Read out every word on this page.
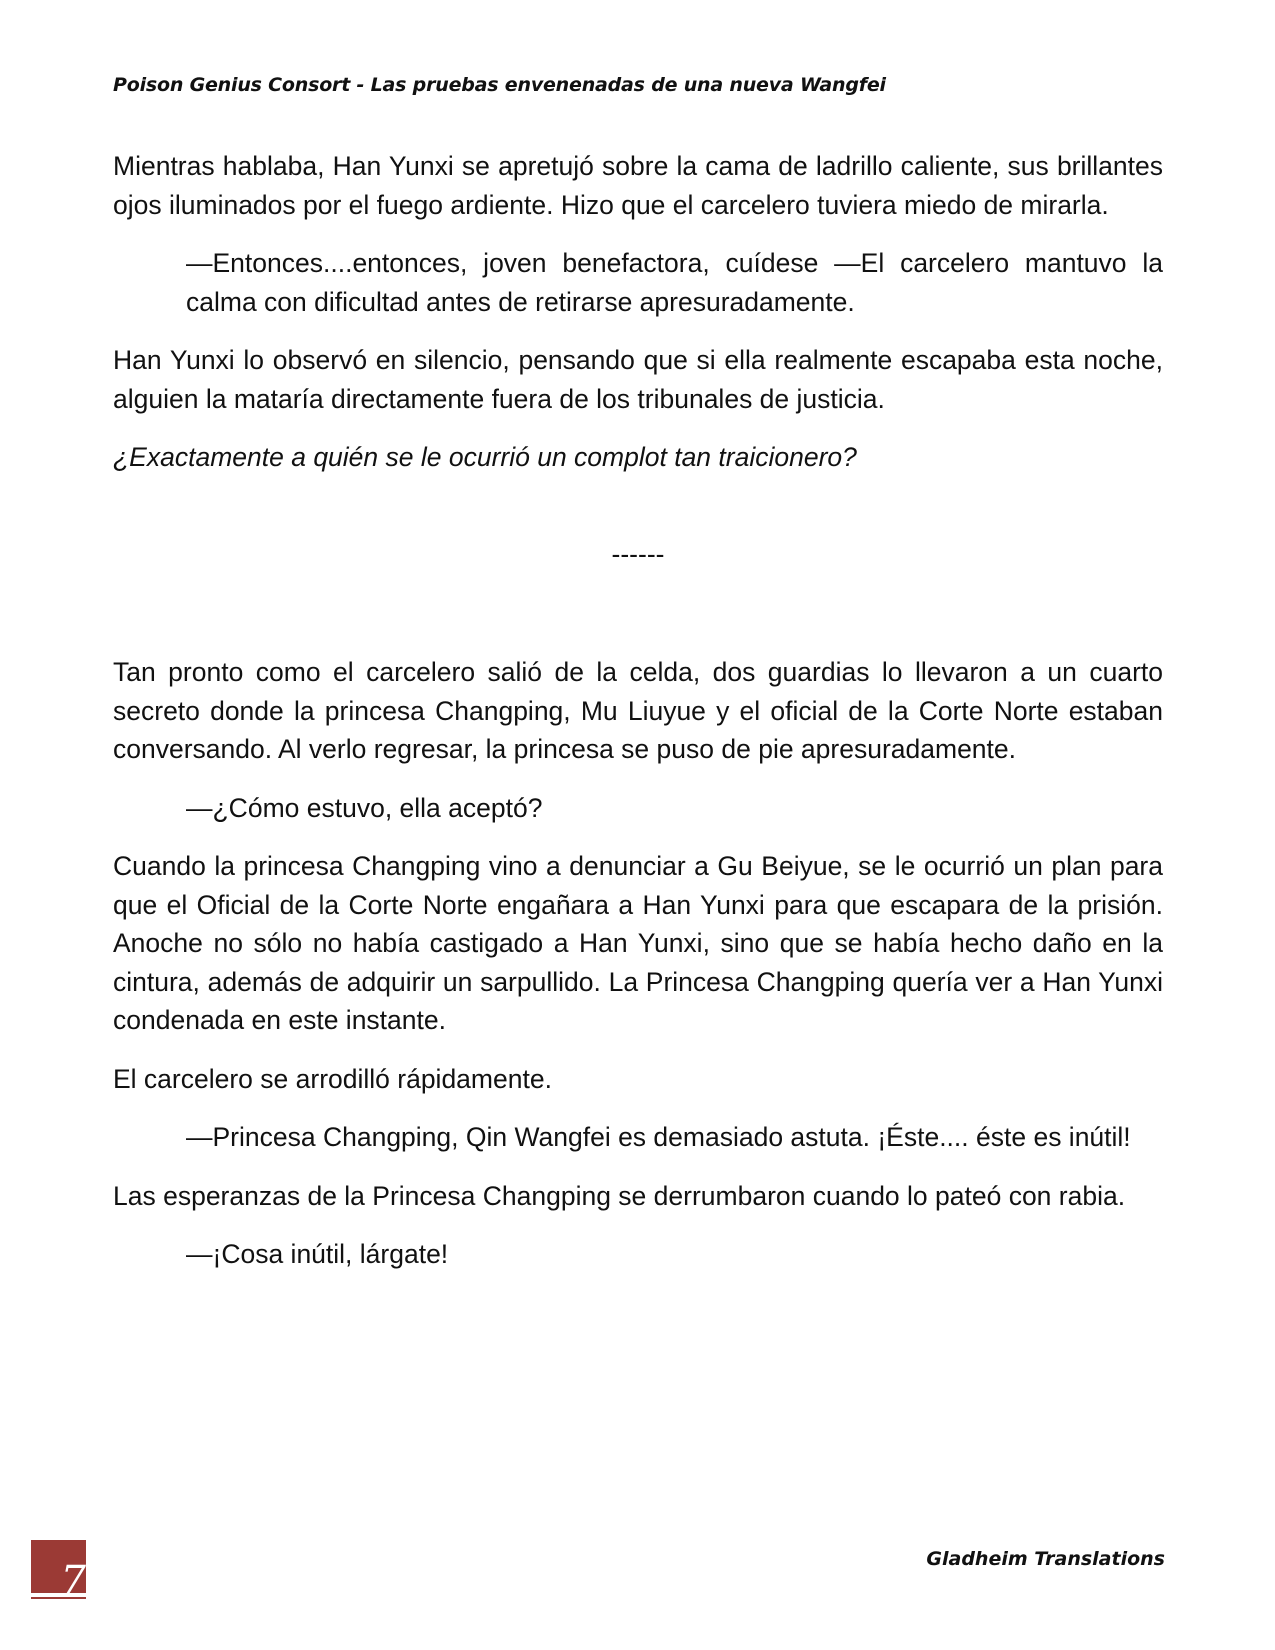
Poison Genius Consort - Las pruebas envenenadas de una nueva Wangfei

Mientras hablaba, Han Yunxi se apretujó sobre la cama de ladrillo caliente, sus brillantes ojos iluminados por el fuego ardiente. Hizo que el carcelero tuviera miedo de mirarla.

—Entonces....entonces, joven benefactora, cuídese —El carcelero mantuvo la calma con dificultad antes de retirarse apresuradamente.

Han Yunxi lo observó en silencio, pensando que si ella realmente escapaba esta noche, alguien la mataría directamente fuera de los tribunales de justicia.

¿Exactamente a quién se le ocurrió un complot tan traicionero?

------

Tan pronto como el carcelero salió de la celda, dos guardias lo llevaron a un cuarto secreto donde la princesa Changping, Mu Liuyue y el oficial de la Corte Norte estaban conversando. Al verlo regresar, la princesa se puso de pie apresuradamente.

—¿Cómo estuvo, ella aceptó?

Cuando la princesa Changping vino a denunciar a Gu Beiyue, se le ocurrió un plan para que el Oficial de la Corte Norte engañara a Han Yunxi para que escapara de la prisión. Anoche no sólo no había castigado a Han Yunxi, sino que se había hecho daño en la cintura, además de adquirir un sarpullido. La Princesa Changping quería ver a Han Yunxi condenada en este instante.

El carcelero se arrodilló rápidamente.

—Princesa Changping, Qin Wangfei es demasiado astuta. ¡Éste.... éste es inútil!

Las esperanzas de la Princesa Changping se derrumbaron cuando lo pateó con rabia.

—¡Cosa inútil, lárgate!

7	Gladheim Translations
